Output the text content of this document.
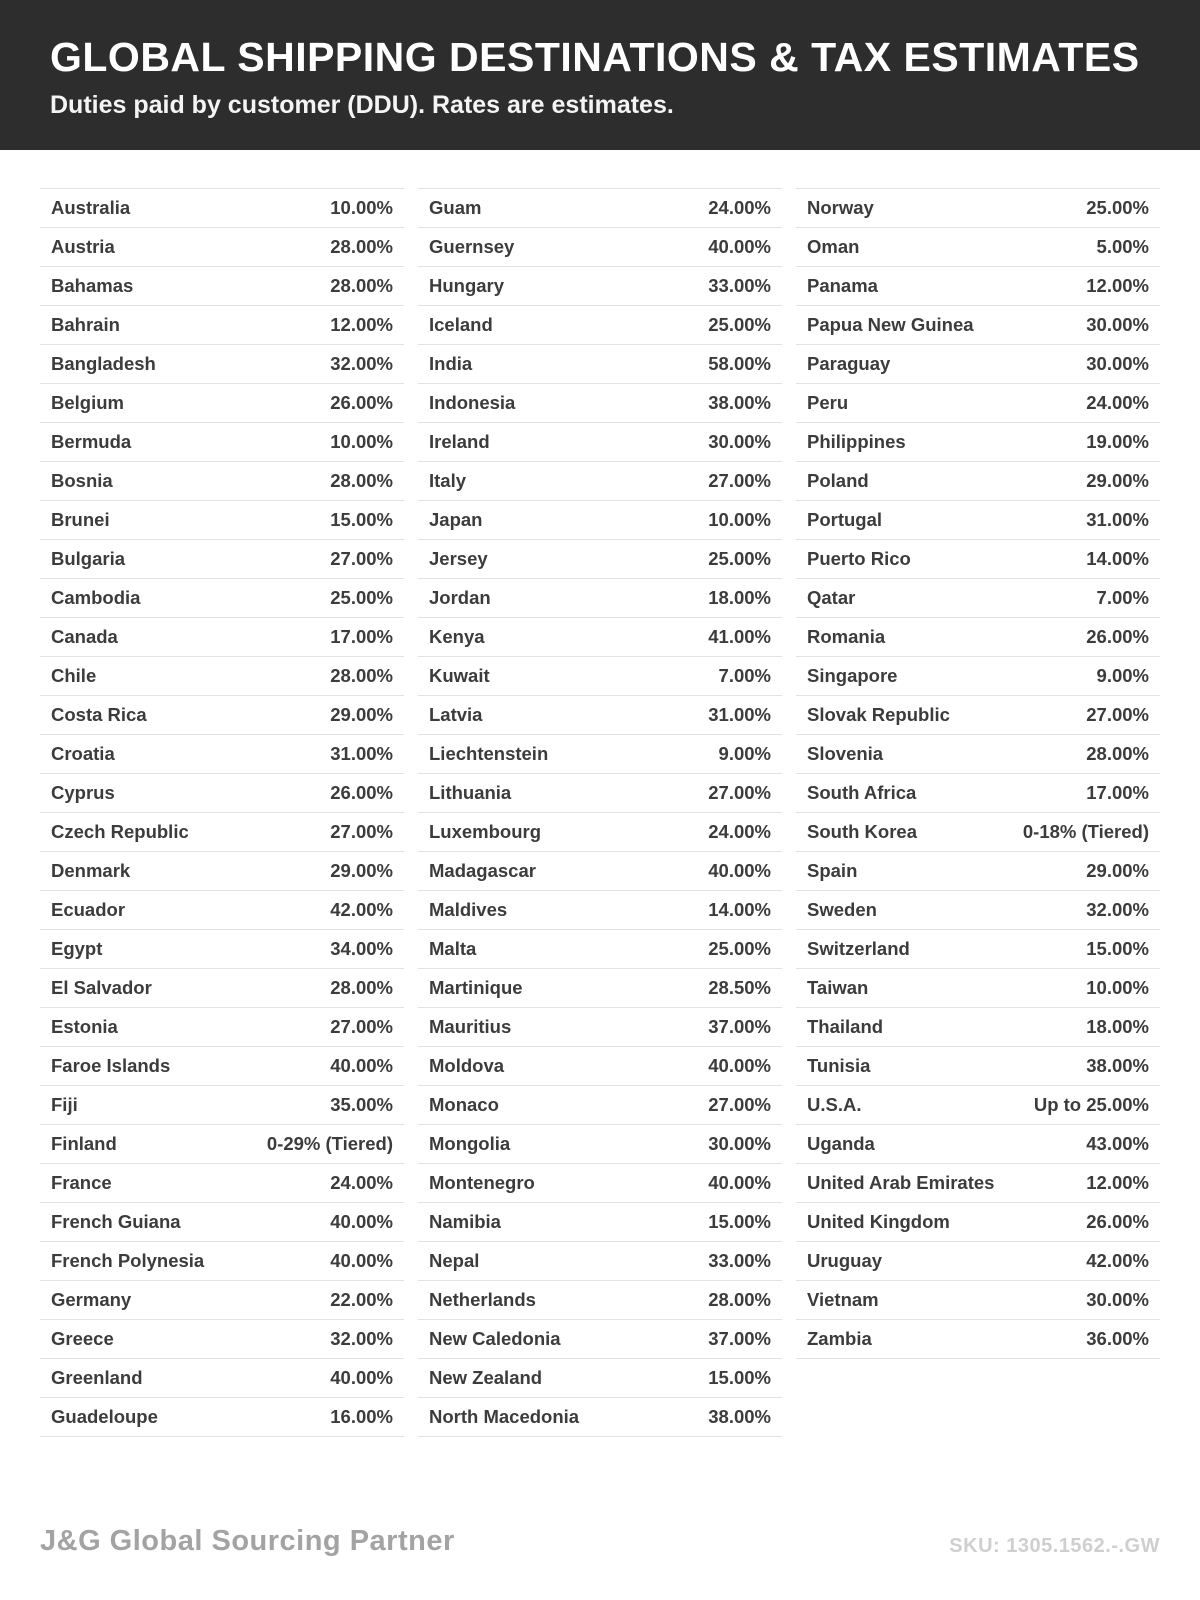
GLOBAL SHIPPING DESTINATIONS & TAX ESTIMATES
Duties paid by customer (DDU). Rates are estimates.
Australia	10.00%
Austria	28.00%
Bahamas	28.00%
Bahrain	12.00%
Bangladesh	32.00%
Belgium	26.00%
Bermuda	10.00%
Bosnia	28.00%
Brunei	15.00%
Bulgaria	27.00%
Cambodia	25.00%
Canada	17.00%
Chile	28.00%
Costa Rica	29.00%
Croatia	31.00%
Cyprus	26.00%
Czech Republic	27.00%
Denmark	29.00%
Ecuador	42.00%
Egypt	34.00%
El Salvador	28.00%
Estonia	27.00%
Faroe Islands	40.00%
Fiji	35.00%
Finland	0-29% (Tiered)
France	24.00%
French Guiana	40.00%
French Polynesia	40.00%
Germany	22.00%
Greece	32.00%
Greenland	40.00%
Guadeloupe	16.00%
Guam	24.00%
Guernsey	40.00%
Hungary	33.00%
Iceland	25.00%
India	58.00%
Indonesia	38.00%
Ireland	30.00%
Italy	27.00%
Japan	10.00%
Jersey	25.00%
Jordan	18.00%
Kenya	41.00%
Kuwait	7.00%
Latvia	31.00%
Liechtenstein	9.00%
Lithuania	27.00%
Luxembourg	24.00%
Madagascar	40.00%
Maldives	14.00%
Malta	25.00%
Martinique	28.50%
Mauritius	37.00%
Moldova	40.00%
Monaco	27.00%
Mongolia	30.00%
Montenegro	40.00%
Namibia	15.00%
Nepal	33.00%
Netherlands	28.00%
New Caledonia	37.00%
New Zealand	15.00%
North Macedonia	38.00%
Norway	25.00%
Oman	5.00%
Panama	12.00%
Papua New Guinea	30.00%
Paraguay	30.00%
Peru	24.00%
Philippines	19.00%
Poland	29.00%
Portugal	31.00%
Puerto Rico	14.00%
Qatar	7.00%
Romania	26.00%
Singapore	9.00%
Slovak Republic	27.00%
Slovenia	28.00%
South Africa	17.00%
South Korea	0-18% (Tiered)
Spain	29.00%
Sweden	32.00%
Switzerland	15.00%
Taiwan	10.00%
Thailand	18.00%
Tunisia	38.00%
U.S.A.	Up to 25.00%
Uganda	43.00%
United Arab Emirates	12.00%
United Kingdom	26.00%
Uruguay	42.00%
Vietnam	30.00%
Zambia	36.00%
J&G Global Sourcing Partner	SKU: 1305.1562.-.GW
